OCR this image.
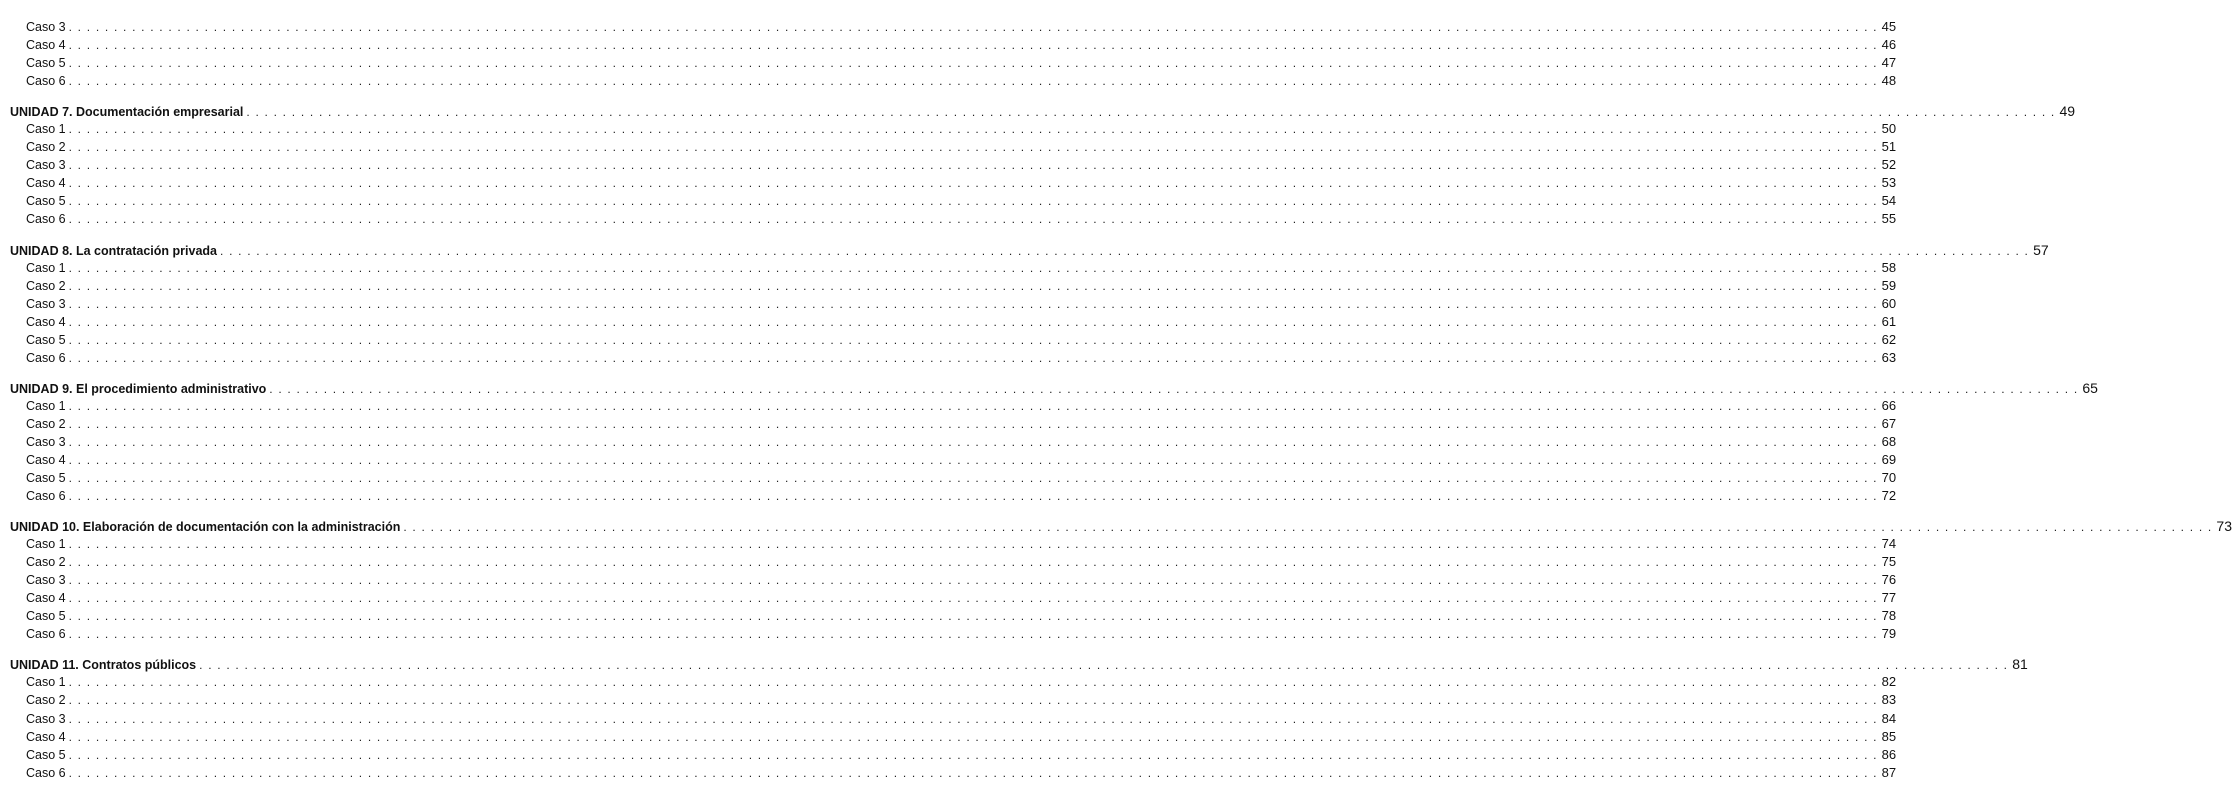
Caso 3 . . . . . . . . . . . . . . . . . . . . . . . . . . . . . . . . . . . . . . . . . . . . . . . . . . . . . . . . . . . . . . . . . . . . . . . . . . . . . . . . . . . . . . . . . . . . . . . . . . . . . . . . . . . . . . . . . . . . . . . . . . . . . . . . . . . . . . . . . . . . . . . . . . . . . . . . . . . . . . . . . . . . . . . . . . . . . . . . . . . . . . . . . . . . . . . . . . . . . . . . 45
Caso 4 . . . . . . . . . . . . . . . . . . . . . . . . . . . . . . . . . . . . . . . . . . . . . . . . . . . . . . . . . . . . . . . . . . . . . . . . . . . . . . . . . . . . . . . . . . . . . . . . . . . . . . . . . . . . . . . . . . . . . . . . . . . . . . . . . . . . . . . . . . . . . . . . . . . . . . . . . . . . . . . . . . . . . . . . . . . . . . . . . . . . . . . . . . . . . . . . . . . . . . . . 46
Caso 5 . . . . . . . . . . . . . . . . . . . . . . . . . . . . . . . . . . . . . . . . . . . . . . . . . . . . . . . . . . . . . . . . . . . . . . . . . . . . . . . . . . . . . . . . . . . . . . . . . . . . . . . . . . . . . . . . . . . . . . . . . . . . . . . . . . . . . . . . . . . . . . . . . . . . . . . . . . . . . . . . . . . . . . . . . . . . . . . . . . . . . . . . . . . . . . . . . . . . . . . . 47
Caso 6 . . . . . . . . . . . . . . . . . . . . . . . . . . . . . . . . . . . . . . . . . . . . . . . . . . . . . . . . . . . . . . . . . . . . . . . . . . . . . . . . . . . . . . . . . . . . . . . . . . . . . . . . . . . . . . . . . . . . . . . . . . . . . . . . . . . . . . . . . . . . . . . . . . . . . . . . . . . . . . . . . . . . . . . . . . . . . . . . . . . . . . . . . . . . . . . . . . . . . . . . 48
UNIDAD 7. Documentación empresarial . . . . . . . . . . . . . . . . . . . . . . . . . . . . . . . . . . . . . . . . . . . . . . . . . . . . . . . . . . . . . . . . . . . . . . . . . . . . . . . . . . . . . . . . . . . . . . . . . . . . . . . . . . . . . . . . . . . . . . . . . . . . . . . . . . . . . . . . . . . . . . . . . . . . . . . . . . . . . . . . . . . . . . . . . . . . . . . . . . . . . . . . . . . . . . . . . . . . . . . . 49
Caso 1 . . . . . . . . . . . . . . . . . . . . . . . . . . . . . . . . . . . . . . . . . . . . . . . . . . . . . . . . . . . . . . . . . . . . . . . . . . . . . . . . . . . . . . . . . . . . . . . . . . . . . . . . . . . . . . . . . . . . . . . . . . . . . . . . . . . . . . . . . . . . . . . . . . . . . . . . . . . . . . . . . . . . . . . . . . . . . . . . . . . . . . . . . . . . . . . . . . . . . . . . 50
Caso 2 . . . . . . . . . . . . . . . . . . . . . . . . . . . . . . . . . . . . . . . . . . . . . . . . . . . . . . . . . . . . . . . . . . . . . . . . . . . . . . . . . . . . . . . . . . . . . . . . . . . . . . . . . . . . . . . . . . . . . . . . . . . . . . . . . . . . . . . . . . . . . . . . . . . . . . . . . . . . . . . . . . . . . . . . . . . . . . . . . . . . . . . . . . . . . . . . . . . . . . . . 51
Caso 3 . . . . . . . . . . . . . . . . . . . . . . . . . . . . . . . . . . . . . . . . . . . . . . . . . . . . . . . . . . . . . . . . . . . . . . . . . . . . . . . . . . . . . . . . . . . . . . . . . . . . . . . . . . . . . . . . . . . . . . . . . . . . . . . . . . . . . . . . . . . . . . . . . . . . . . . . . . . . . . . . . . . . . . . . . . . . . . . . . . . . . . . . . . . . . . . . . . . . . . . . 52
Caso 4 . . . . . . . . . . . . . . . . . . . . . . . . . . . . . . . . . . . . . . . . . . . . . . . . . . . . . . . . . . . . . . . . . . . . . . . . . . . . . . . . . . . . . . . . . . . . . . . . . . . . . . . . . . . . . . . . . . . . . . . . . . . . . . . . . . . . . . . . . . . . . . . . . . . . . . . . . . . . . . . . . . . . . . . . . . . . . . . . . . . . . . . . . . . . . . . . . . . . . . . . 53
Caso 5 . . . . . . . . . . . . . . . . . . . . . . . . . . . . . . . . . . . . . . . . . . . . . . . . . . . . . . . . . . . . . . . . . . . . . . . . . . . . . . . . . . . . . . . . . . . . . . . . . . . . . . . . . . . . . . . . . . . . . . . . . . . . . . . . . . . . . . . . . . . . . . . . . . . . . . . . . . . . . . . . . . . . . . . . . . . . . . . . . . . . . . . . . . . . . . . . . . . . . . . . 54
Caso 6 . . . . . . . . . . . . . . . . . . . . . . . . . . . . . . . . . . . . . . . . . . . . . . . . . . . . . . . . . . . . . . . . . . . . . . . . . . . . . . . . . . . . . . . . . . . . . . . . . . . . . . . . . . . . . . . . . . . . . . . . . . . . . . . . . . . . . . . . . . . . . . . . . . . . . . . . . . . . . . . . . . . . . . . . . . . . . . . . . . . . . . . . . . . . . . . . . . . . . . . . 55
UNIDAD 8. La contratación privada . . . . . . . . . . . . . . . . . . . . . . . . . . . . . . . . . . . . . . . . . . . . . . . . . . . . . . . . . . . . . . . . . . . . . . . . . . . . . . . . . . . . . . . . . . . . . . . . . . . . . . . . . . . . . . . . . . . . . . . . . . . . . . . . . . . . . . . . . . . . . . . . . . . . . . . . . . . . . . . . . . . . . . . . . . . . . . . . . . . . . . . . . . . . . . . . . . . . . . . . 57
Caso 1 . . . . . . . . . . . . . . . . . . . . . . . . . . . . . . . . . . . . . . . . . . . . . . . . . . . . . . . . . . . . . . . . . . . . . . . . . . . . . . . . . . . . . . . . . . . . . . . . . . . . . . . . . . . . . . . . . . . . . . . . . . . . . . . . . . . . . . . . . . . . . . . . . . . . . . . . . . . . . . . . . . . . . . . . . . . . . . . . . . . . . . . . . . . . . . . . . . . . . . . . 58
Caso 2 . . . . . . . . . . . . . . . . . . . . . . . . . . . . . . . . . . . . . . . . . . . . . . . . . . . . . . . . . . . . . . . . . . . . . . . . . . . . . . . . . . . . . . . . . . . . . . . . . . . . . . . . . . . . . . . . . . . . . . . . . . . . . . . . . . . . . . . . . . . . . . . . . . . . . . . . . . . . . . . . . . . . . . . . . . . . . . . . . . . . . . . . . . . . . . . . . . . . . . . . 59
Caso 3 . . . . . . . . . . . . . . . . . . . . . . . . . . . . . . . . . . . . . . . . . . . . . . . . . . . . . . . . . . . . . . . . . . . . . . . . . . . . . . . . . . . . . . . . . . . . . . . . . . . . . . . . . . . . . . . . . . . . . . . . . . . . . . . . . . . . . . . . . . . . . . . . . . . . . . . . . . . . . . . . . . . . . . . . . . . . . . . . . . . . . . . . . . . . . . . . . . . . . . . . 60
Caso 4 . . . . . . . . . . . . . . . . . . . . . . . . . . . . . . . . . . . . . . . . . . . . . . . . . . . . . . . . . . . . . . . . . . . . . . . . . . . . . . . . . . . . . . . . . . . . . . . . . . . . . . . . . . . . . . . . . . . . . . . . . . . . . . . . . . . . . . . . . . . . . . . . . . . . . . . . . . . . . . . . . . . . . . . . . . . . . . . . . . . . . . . . . . . . . . . . . . . . . . . . 61
Caso 5 . . . . . . . . . . . . . . . . . . . . . . . . . . . . . . . . . . . . . . . . . . . . . . . . . . . . . . . . . . . . . . . . . . . . . . . . . . . . . . . . . . . . . . . . . . . . . . . . . . . . . . . . . . . . . . . . . . . . . . . . . . . . . . . . . . . . . . . . . . . . . . . . . . . . . . . . . . . . . . . . . . . . . . . . . . . . . . . . . . . . . . . . . . . . . . . . . . . . . . . . 62
Caso 6 . . . . . . . . . . . . . . . . . . . . . . . . . . . . . . . . . . . . . . . . . . . . . . . . . . . . . . . . . . . . . . . . . . . . . . . . . . . . . . . . . . . . . . . . . . . . . . . . . . . . . . . . . . . . . . . . . . . . . . . . . . . . . . . . . . . . . . . . . . . . . . . . . . . . . . . . . . . . . . . . . . . . . . . . . . . . . . . . . . . . . . . . . . . . . . . . . . . . . . . . 63
UNIDAD 9. El procedimiento administrativo . . . . . . . . . . . . . . . . . . . . . . . . . . . . . . . . . . . . . . . . . . . . . . . . . . . . . . . . . . . . . . . . . . . . . . . . . . . . . . . . . . . . . . . . . . . . . . . . . . . . . . . . . . . . . . . . . . . . . . . . . . . . . . . . . . . . . . . . . . . . . . . . . . . . . . . . . . . . . . . . . . . . . . . . . . . . . . . . . . . . . . . . . . . . . . . . . . . . . . . . 65
Caso 1 . . . . . . . . . . . . . . . . . . . . . . . . . . . . . . . . . . . . . . . . . . . . . . . . . . . . . . . . . . . . . . . . . . . . . . . . . . . . . . . . . . . . . . . . . . . . . . . . . . . . . . . . . . . . . . . . . . . . . . . . . . . . . . . . . . . . . . . . . . . . . . . . . . . . . . . . . . . . . . . . . . . . . . . . . . . . . . . . . . . . . . . . . . . . . . . . . . . . . . . . 66
Caso 2 . . . . . . . . . . . . . . . . . . . . . . . . . . . . . . . . . . . . . . . . . . . . . . . . . . . . . . . . . . . . . . . . . . . . . . . . . . . . . . . . . . . . . . . . . . . . . . . . . . . . . . . . . . . . . . . . . . . . . . . . . . . . . . . . . . . . . . . . . . . . . . . . . . . . . . . . . . . . . . . . . . . . . . . . . . . . . . . . . . . . . . . . . . . . . . . . . . . . . . . . 67
Caso 3 . . . . . . . . . . . . . . . . . . . . . . . . . . . . . . . . . . . . . . . . . . . . . . . . . . . . . . . . . . . . . . . . . . . . . . . . . . . . . . . . . . . . . . . . . . . . . . . . . . . . . . . . . . . . . . . . . . . . . . . . . . . . . . . . . . . . . . . . . . . . . . . . . . . . . . . . . . . . . . . . . . . . . . . . . . . . . . . . . . . . . . . . . . . . . . . . . . . . . . . . 68
Caso 4 . . . . . . . . . . . . . . . . . . . . . . . . . . . . . . . . . . . . . . . . . . . . . . . . . . . . . . . . . . . . . . . . . . . . . . . . . . . . . . . . . . . . . . . . . . . . . . . . . . . . . . . . . . . . . . . . . . . . . . . . . . . . . . . . . . . . . . . . . . . . . . . . . . . . . . . . . . . . . . . . . . . . . . . . . . . . . . . . . . . . . . . . . . . . . . . . . . . . . . . . 69
Caso 5 . . . . . . . . . . . . . . . . . . . . . . . . . . . . . . . . . . . . . . . . . . . . . . . . . . . . . . . . . . . . . . . . . . . . . . . . . . . . . . . . . . . . . . . . . . . . . . . . . . . . . . . . . . . . . . . . . . . . . . . . . . . . . . . . . . . . . . . . . . . . . . . . . . . . . . . . . . . . . . . . . . . . . . . . . . . . . . . . . . . . . . . . . . . . . . . . . . . . . . . . 70
Caso 6 . . . . . . . . . . . . . . . . . . . . . . . . . . . . . . . . . . . . . . . . . . . . . . . . . . . . . . . . . . . . . . . . . . . . . . . . . . . . . . . . . . . . . . . . . . . . . . . . . . . . . . . . . . . . . . . . . . . . . . . . . . . . . . . . . . . . . . . . . . . . . . . . . . . . . . . . . . . . . . . . . . . . . . . . . . . . . . . . . . . . . . . . . . . . . . . . . . . . . . . . 72
UNIDAD 10. Elaboración de documentación con la administración . . . . . . . . . . . . . . . . . . . . . . . . . . . . . . . . . . . . . . . . . . . . . . . . . . . . . . . . . . . . . . . . . . . . . . . . . . . . . . . . . . . . . . . . . . . . . . . . . . . . . . . . . . . . . . . . . . . . . . . . . . . . . . . . . . . . . . . . . . . . . . . . . . . . . . . . . . . . . . . . . . . . . . . . . . . . . . . . . . . . . . . . . . . . . . . . . . . . . . . . 73
Caso 1 . . . . . . . . . . . . . . . . . . . . . . . . . . . . . . . . . . . . . . . . . . . . . . . . . . . . . . . . . . . . . . . . . . . . . . . . . . . . . . . . . . . . . . . . . . . . . . . . . . . . . . . . . . . . . . . . . . . . . . . . . . . . . . . . . . . . . . . . . . . . . . . . . . . . . . . . . . . . . . . . . . . . . . . . . . . . . . . . . . . . . . . . . . . . . . . . . . . . . . . . 74
Caso 2 . . . . . . . . . . . . . . . . . . . . . . . . . . . . . . . . . . . . . . . . . . . . . . . . . . . . . . . . . . . . . . . . . . . . . . . . . . . . . . . . . . . . . . . . . . . . . . . . . . . . . . . . . . . . . . . . . . . . . . . . . . . . . . . . . . . . . . . . . . . . . . . . . . . . . . . . . . . . . . . . . . . . . . . . . . . . . . . . . . . . . . . . . . . . . . . . . . . . . . . . 75
Caso 3 . . . . . . . . . . . . . . . . . . . . . . . . . . . . . . . . . . . . . . . . . . . . . . . . . . . . . . . . . . . . . . . . . . . . . . . . . . . . . . . . . . . . . . . . . . . . . . . . . . . . . . . . . . . . . . . . . . . . . . . . . . . . . . . . . . . . . . . . . . . . . . . . . . . . . . . . . . . . . . . . . . . . . . . . . . . . . . . . . . . . . . . . . . . . . . . . . . . . . . . . 76
Caso 4 . . . . . . . . . . . . . . . . . . . . . . . . . . . . . . . . . . . . . . . . . . . . . . . . . . . . . . . . . . . . . . . . . . . . . . . . . . . . . . . . . . . . . . . . . . . . . . . . . . . . . . . . . . . . . . . . . . . . . . . . . . . . . . . . . . . . . . . . . . . . . . . . . . . . . . . . . . . . . . . . . . . . . . . . . . . . . . . . . . . . . . . . . . . . . . . . . . . . . . . . 77
Caso 5 . . . . . . . . . . . . . . . . . . . . . . . . . . . . . . . . . . . . . . . . . . . . . . . . . . . . . . . . . . . . . . . . . . . . . . . . . . . . . . . . . . . . . . . . . . . . . . . . . . . . . . . . . . . . . . . . . . . . . . . . . . . . . . . . . . . . . . . . . . . . . . . . . . . . . . . . . . . . . . . . . . . . . . . . . . . . . . . . . . . . . . . . . . . . . . . . . . . . . . . . 78
Caso 6 . . . . . . . . . . . . . . . . . . . . . . . . . . . . . . . . . . . . . . . . . . . . . . . . . . . . . . . . . . . . . . . . . . . . . . . . . . . . . . . . . . . . . . . . . . . . . . . . . . . . . . . . . . . . . . . . . . . . . . . . . . . . . . . . . . . . . . . . . . . . . . . . . . . . . . . . . . . . . . . . . . . . . . . . . . . . . . . . . . . . . . . . . . . . . . . . . . . . . . . . 79
UNIDAD 11. Contratos públicos . . . . . . . . . . . . . . . . . . . . . . . . . . . . . . . . . . . . . . . . . . . . . . . . . . . . . . . . . . . . . . . . . . . . . . . . . . . . . . . . . . . . . . . . . . . . . . . . . . . . . . . . . . . . . . . . . . . . . . . . . . . . . . . . . . . . . . . . . . . . . . . . . . . . . . . . . . . . . . . . . . . . . . . . . . . . . . . . . . . . . . . . . . . . . . . . . . . . . . . . 81
Caso 1 . . . . . . . . . . . . . . . . . . . . . . . . . . . . . . . . . . . . . . . . . . . . . . . . . . . . . . . . . . . . . . . . . . . . . . . . . . . . . . . . . . . . . . . . . . . . . . . . . . . . . . . . . . . . . . . . . . . . . . . . . . . . . . . . . . . . . . . . . . . . . . . . . . . . . . . . . . . . . . . . . . . . . . . . . . . . . . . . . . . . . . . . . . . . . . . . . . . . . . . . 82
Caso 2 . . . . . . . . . . . . . . . . . . . . . . . . . . . . . . . . . . . . . . . . . . . . . . . . . . . . . . . . . . . . . . . . . . . . . . . . . . . . . . . . . . . . . . . . . . . . . . . . . . . . . . . . . . . . . . . . . . . . . . . . . . . . . . . . . . . . . . . . . . . . . . . . . . . . . . . . . . . . . . . . . . . . . . . . . . . . . . . . . . . . . . . . . . . . . . . . . . . . . . . . 83
Caso 3 . . . . . . . . . . . . . . . . . . . . . . . . . . . . . . . . . . . . . . . . . . . . . . . . . . . . . . . . . . . . . . . . . . . . . . . . . . . . . . . . . . . . . . . . . . . . . . . . . . . . . . . . . . . . . . . . . . . . . . . . . . . . . . . . . . . . . . . . . . . . . . . . . . . . . . . . . . . . . . . . . . . . . . . . . . . . . . . . . . . . . . . . . . . . . . . . . . . . . . . . 84
Caso 4 . . . . . . . . . . . . . . . . . . . . . . . . . . . . . . . . . . . . . . . . . . . . . . . . . . . . . . . . . . . . . . . . . . . . . . . . . . . . . . . . . . . . . . . . . . . . . . . . . . . . . . . . . . . . . . . . . . . . . . . . . . . . . . . . . . . . . . . . . . . . . . . . . . . . . . . . . . . . . . . . . . . . . . . . . . . . . . . . . . . . . . . . . . . . . . . . . . . . . . . . 85
Caso 5 . . . . . . . . . . . . . . . . . . . . . . . . . . . . . . . . . . . . . . . . . . . . . . . . . . . . . . . . . . . . . . . . . . . . . . . . . . . . . . . . . . . . . . . . . . . . . . . . . . . . . . . . . . . . . . . . . . . . . . . . . . . . . . . . . . . . . . . . . . . . . . . . . . . . . . . . . . . . . . . . . . . . . . . . . . . . . . . . . . . . . . . . . . . . . . . . . . . . . . . . 86
Caso 6 . . . . . . . . . . . . . . . . . . . . . . . . . . . . . . . . . . . . . . . . . . . . . . . . . . . . . . . . . . . . . . . . . . . . . . . . . . . . . . . . . . . . . . . . . . . . . . . . . . . . . . . . . . . . . . . . . . . . . . . . . . . . . . . . . . . . . . . . . . . . . . . . . . . . . . . . . . . . . . . . . . . . . . . . . . . . . . . . . . . . . . . . . . . . . . . . . . . . . . . . 87
